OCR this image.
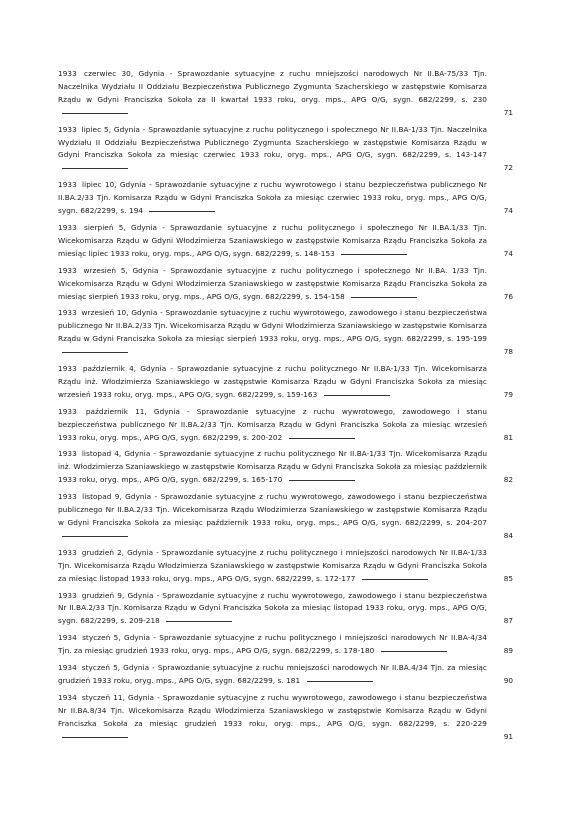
1933 czerwiec 30, Gdynia - Sprawozdanie sytuacyjne z ruchu mniejszości narodowych Nr II.BA-75/33 Tjn. Naczelnika Wydziału II Oddziału Bezpieczeństwa Publicznego Zygmunta Szacherskiego w zastępstwie Komisarza Rządu w Gdyni Franciszka Sokoła za II kwartał 1933 roku, oryg. mps., APG O/G, sygn. 682/2299, s. 230
71
1933 lipiec 5, Gdynia - Sprawozdanie sytuacyjne z ruchu politycznego i społecznego Nr II.BA-1/33 Tjn. Naczelnika Wydziału II Oddziału Bezpieczeństwa Publicznego Zygmunta Szacherskiego w zastępstwie Komisarza Rządu w Gdyni Franciszka Sokoła za miesiąc czerwiec 1933 roku, oryg. mps., APG O/G, sygn. 682/2299, s. 143-147
72
1933 lipiec 10, Gdynia - Sprawozdanie sytuacyjne z ruchu wywrotowego i stanu bezpieczeństwa publicznego Nr II.BA.2/33 Tjn. Komisarza Rządu w Gdyni Franciszka Sokoła za miesiąc czerwiec 1933 roku, oryg. mps., APG O/G, sygn. 682/2299, s. 194	74
1933 sierpień 5, Gdynia - Sprawozdanie sytuacyjne z ruchu politycznego i społecznego Nr II.BA.1/33 Tjn. Wicekomisarza Rządu w Gdyni Włodzimierza Szaniawskiego w zastępstwie Komisarza Rządu Franciszka Sokoła za miesiąc lipiec 1933 roku, oryg. mps., APG O/G, sygn. 682/2299, s. 148-153	74
1933 wrzesień 5, Gdynia - Sprawozdanie sytuacyjne z ruchu politycznego i społecznego Nr II.BA. 1/33 Tjn. Wicekomisarza Rządu w Gdyni Włodzimierza Szaniawskiego w zastępstwie Komisarza Rządu Franciszka Sokoła za miesiąc sierpień 1933 roku, oryg. mps., APG O/G, sygn. 682/2299, s. 154-158	76
1933 wrzesień 10, Gdynia - Sprawozdanie sytuacyjne z ruchu wywrotowego, zawodowego i stanu bezpieczeństwa publicznego Nr II.BA.2/33 Tjn. Wicekomisarza Rządu w Gdyni Włodzimierza Szaniawskiego w zastępstwie Komisarza Rządu w Gdyni Franciszka Sokoła za miesiąc sierpień 1933 roku, oryg. mps., APG O/G, sygn. 682/2299, s. 195-199
78
1933 październik 4, Gdynia - Sprawozdanie sytuacyjne z ruchu politycznego Nr II.BA-1/33 Tjn. Wicekomisarza Rządu inż. Włodzimierza Szaniawskiego w zastępstwie Komisarza Rządu w Gdyni Franciszka Sokoła za miesiąc wrzesień 1933 roku, oryg. mps., APG O/G, sygn. 682/2299, s. 159-163	79
1933 październik 11, Gdynia - Sprawozdanie sytuacyjne z ruchu wywrotowego, zawodowego i stanu bezpieczeństwa publicznego Nr II.BA.2/33 Tjn. Komisarza Rządu w Gdyni Franciszka Sokoła za miesiąc wrzesień 1933 roku, oryg. mps., APG O/G, sygn. 682/2299, s. 200-202	81
1933 listopad 4, Gdynia - Sprawozdanie sytuacyjne z ruchu politycznego Nr II.BA-1/33 Tjn. Wicekomisarza Rządu inż. Włodzimierza Szaniawskiego w zastępstwie Komisarza Rządu w Gdyni Franciszka Sokoła za miesiąc październik 1933 roku, oryg. mps., APG O/G, sygn. 682/2299, s. 165-170	82
1933 listopad 9, Gdynia - Sprawozdanie sytuacyjne z ruchu wywrotowego, zawodowego i stanu bezpieczeństwa publicznego Nr II.BA.2/33 Tjn. Wicekomisarza Rządu Włodzimierza Szaniawskiego w zastępstwie Komisarza Rządu w Gdyni Franciszka Sokoła za miesiąc październik 1933 roku, oryg. mps., APG O/G, sygn. 682/2299, s. 204-207
84
1933 grudzień 2, Gdynia - Sprawozdanie sytuacyjne z ruchu politycznego i mniejszości narodowych Nr II.BA-1/33 Tjn. Wicekomisarza Rządu Włodzimierza Szaniawskiego w zastępstwie Komisarza Rządu w Gdyni Franciszka Sokoła za miesiąc listopad 1933 roku, oryg. mps., APG O/G, sygn. 682/2299, s. 172-177	85
1933 grudzień 9, Gdynia - Sprawozdanie sytuacyjne z ruchu wywrotowego, zawodowego i stanu bezpieczeństwa Nr II.BA.2/33 Tjn. Komisarza Rządu w Gdyni Franciszka Sokoła za miesiąc listopad 1933 roku, oryg. mps., APG O/G, sygn. 682/2299, s. 209-218	87
1934 styczeń 5, Gdynia - Sprawozdanie sytuacyjne z ruchu politycznego i mniejszości narodowych Nr II.BA-4/34 Tjn. za miesiąc grudzień 1933 roku, oryg. mps., APG O/G, sygn. 682/2299, s. 178-180	89
1934 styczeń 5, Gdynia - Sprawozdanie sytuacyjne z ruchu mniejszości narodowych Nr II.BA.4/34 Tjn. za miesiąc grudzień 1933 roku, oryg. mps., APG O/G, sygn. 682/2299, s. 181	90
1934 styczeń 11, Gdynia - Sprawozdanie sytuacyjne z ruchu wywrotowego, zawodowego i stanu bezpieczeństwa Nr II.BA.8/34 Tjn. Wicekomisarza Rządu Włodzimierza Szaniawskiego w zastępstwie Komisarza Rządu w Gdyni Franciszka Sokoła za miesiąc grudzień 1933 roku, oryg. mps., APG O/G, sygn. 682/2299, s. 220-229
91
